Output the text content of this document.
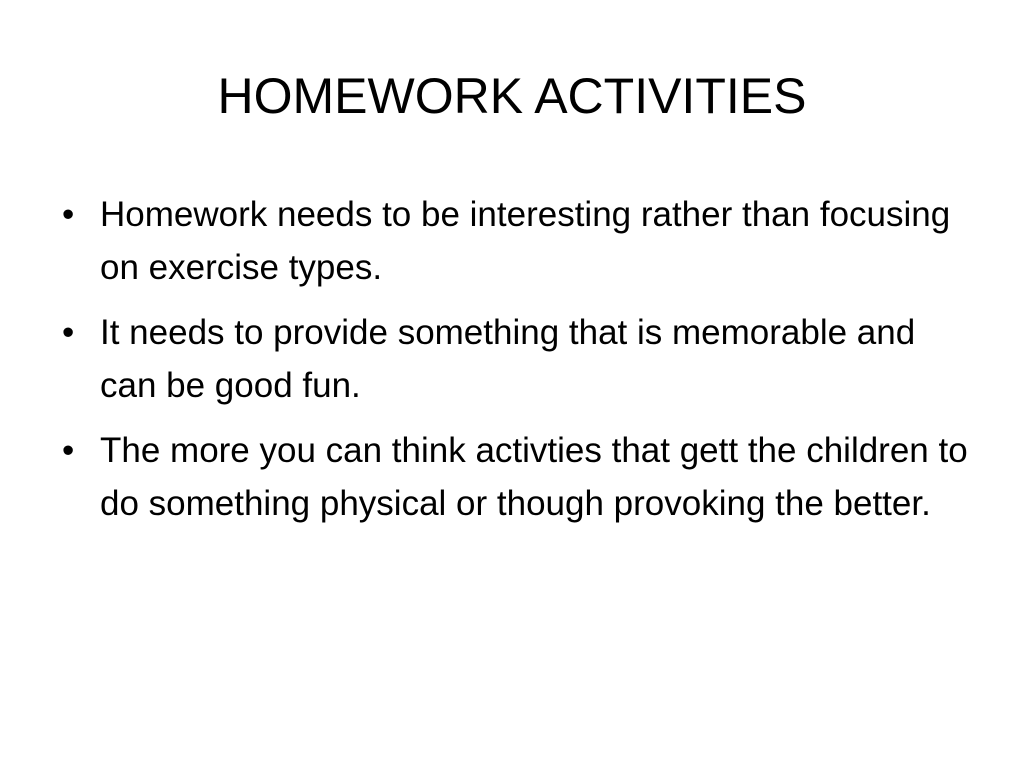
HOMEWORK ACTIVITIES
• Homework needs to be interesting rather than focusing on exercise types.
• It needs to provide something that is memorable and can be good fun.
• The more you can think activties that gett the children to do something physical or though provoking the better.
